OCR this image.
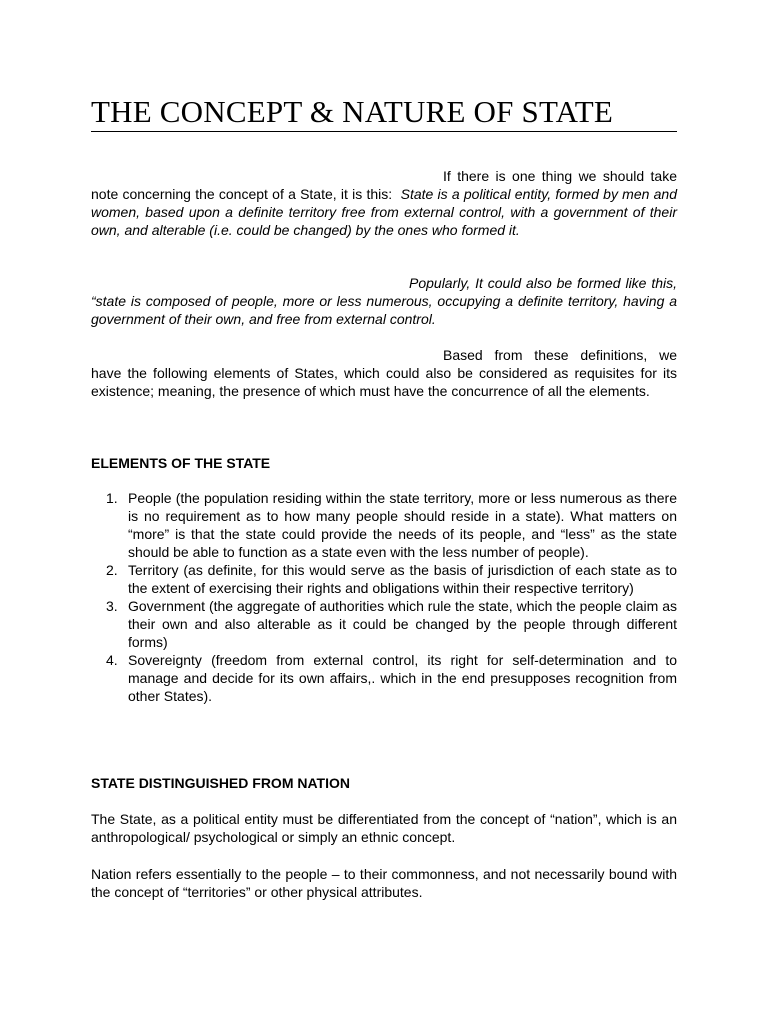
THE CONCEPT & NATURE OF STATE

If there is one thing we should take note concerning the concept of a State, it is this: State is a political entity, formed by men and women, based upon a definite territory free from external control, with a government of their own, and alterable (i.e. could be changed) by the ones who formed it.

Popularly, It could also be formed like this, “state is composed of people, more or less numerous, occupying a definite territory, having a government of their own, and free from external control.

Based from these definitions, we have the following elements of States, which could also be considered as requisites for its existence; meaning, the presence of which must have the concurrence of all the elements.

ELEMENTS OF THE STATE
1. People (the population residing within the state territory, more or less numerous as there is no requirement as to how many people should reside in a state). What matters on “more” is that the state could provide the needs of its people, and “less” as the state should be able to function as a state even with the less number of people).
2. Territory (as definite, for this would serve as the basis of jurisdiction of each state as to the extent of exercising their rights and obligations within their respective territory)
3. Government (the aggregate of authorities which rule the state, which the people claim as their own and also alterable as it could be changed by the people through different forms)
4. Sovereignty (freedom from external control, its right for self-determination and to manage and decide for its own affairs,. which in the end presupposes recognition from other States).
STATE DISTINGUISHED FROM NATION

The State, as a political entity must be differentiated from the concept of “nation”, which is an anthropological/ psychological or simply an ethnic concept.

Nation refers essentially to the people – to their commonness, and not necessarily bound with the concept of “territories” or other physical attributes.
